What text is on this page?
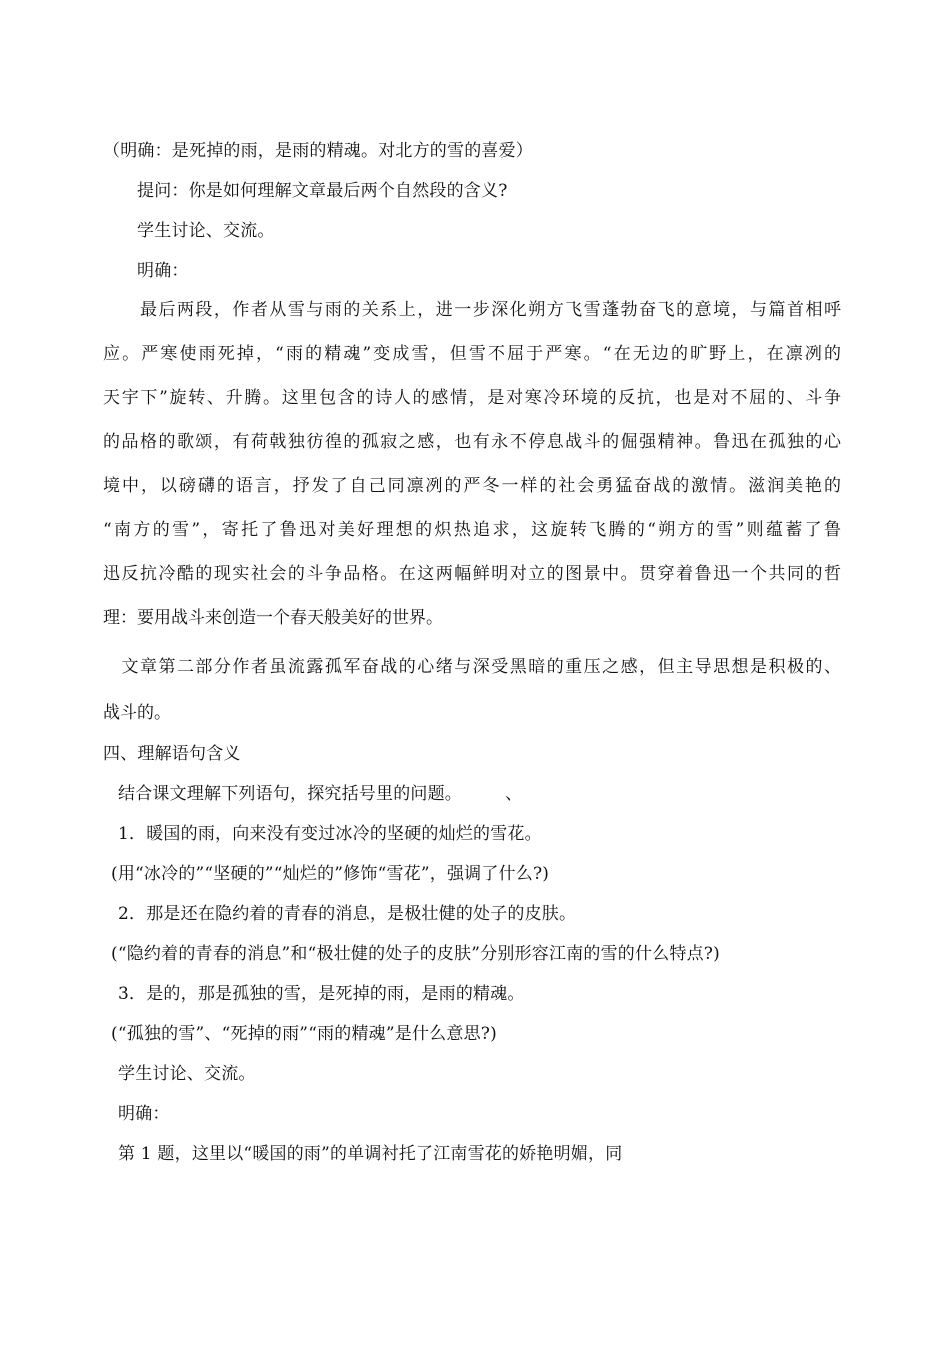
（明确：是死掉的雨，是雨的精魂。对北方的雪的喜爱）
提问：你是如何理解文章最后两个自然段的含义?
学生讨论、交流。
明确：
　　最后两段，作者从雪与雨的关系上，进一步深化朔方飞雪蓬勃奋飞的意境，与篇首相呼
应。严寒使雨死掉，“雨的精魂”变成雪，但雪不屈于严寒。“在无边的旷野上，在凛冽的
天宇下”旋转、升腾。这里包含的诗人的感情，是对寒冷环境的反抗，也是对不屈的、斗争
的品格的歌颂，有荷戟独彷徨的孤寂之感，也有永不停息战斗的倔强精神。鲁迅在孤独的心
境中，以磅礴的语言，抒发了自己同凛冽的严冬一样的社会勇猛奋战的激情。滋润美艳的
“南方的雪”，寄托了鲁迅对美好理想的炽热追求，这旋转飞腾的“朔方的雪”则蕴蓄了鲁
迅反抗冷酷的现实社会的斗争品格。在这两幅鲜明对立的图景中。贯穿着鲁迅一个共同的哲
理：要用战斗来创造一个春天般美好的世界。
　文章第二部分作者虽流露孤军奋战的心绪与深受黑暗的重压之感，但主导思想是积极的、
战斗的。
四、理解语句含义
结合课文理解下列语句，探究括号里的问题。　　　、
1．暖国的雨，向来没有变过冰冷的坚硬的灿烂的雪花。
(用“冰冷的”“坚硬的”“灿烂的”修饰“雪花”，强调了什么?)
2．那是还在隐约着的青春的消息，是极壮健的处子的皮肤。
(“隐约着的青春的消息”和“极壮健的处子的皮肤”分别形容江南的雪的什么特点?)
3．是的，那是孤独的雪，是死掉的雨，是雨的精魂。
(“孤独的雪”、“死掉的雨”“雨的精魂”是什么意思?)
学生讨论、交流。
明确：
第 1 题，这里以“暖国的雨”的单调衬托了江南雪花的娇艳明媚，同
